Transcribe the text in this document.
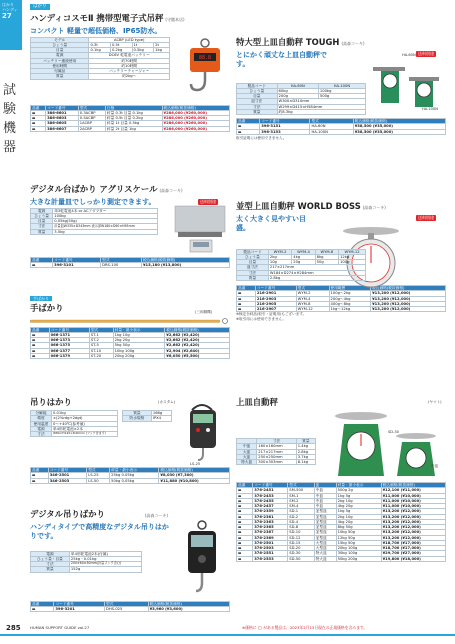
はかり
ハンディ
27
試
験
機
器
はかり
ハンディコスモⅡ 携帯型電子式吊秤 (守隨本店)
コンパクト 軽量で超低価格、IP65防水。
モデル	ACBP (LED type)			
ひょう量	0.3t	0.5t	1t	2t
目量	0.1kg	0.2kg	0.5kg	1kg
電源	DC6V 乾電池バッテリー			
バッテリー連続使用	約70時間			
使用時間	約10時間			
付属品	バッテリーチャージャー			
質量	約2kg～			
88.8
品番	コード番号	型式	仕様	税込価格(税抜価格)
▬	386-6601	0.3ACBP	秤量 0.3t 目量 0.1kg	¥286,000 (¥260,000)
▬	386-6603	0.5ACBP	秤量 0.5t 目量 0.2kg	¥286,000 (¥260,000)
▬	386-6605	1ACBP	秤量 1t 目量 0.5kg	¥286,000 (¥260,000)
▬	386-6607	2ACBP	秤量 2t 目量 1kg	¥286,000 (¥260,000)
特大型上皿自動秤 TOUGH (高森コーキ)
とにかく頑丈な上皿自動秤です。
送料別途
HA-60N
HA-100N
製品コード	HA-60N	HA-100N
ひょう量	60kg	100kg
目量	200g	500g
皿寸法	W300×D310mm	
寸法	W299×D415×H584mm	
質量	約8.3kg	
品番	コード番号	型式	税込価格(税抜価格)
▬	396-3151	HA-60N	¥38,500 (¥35,000)
▬	396-3153	HA-100N	¥38,500 (¥35,000)
取引証明には使用できません。
デジタル台ばかり アグリスケール (高森コーキ)
大きな計量皿でしっかり測定できます。	送料別途
電源	単3乾電池4本 or ACアダプター
ひょう量	100kg
目量	0.05kg(50g)
寸法	計量皿W335×D343mm 表示部W180×D90×H95mm
質量	3.5kg
品番	コード番号	型式	税込価格(税抜価格)
▬	396-3101	DRS-100	¥15,180 (¥13,800)
手ばかり
手ばかり	(三和精機)
品番	コード番号	型式	秤量・最小表示	税込価格(税抜価格)
▬	066-1371	ST-1	1kg 10g	¥2,662 (¥2,420)
▬	066-1373	ST-2	2kg 20g	¥2,662 (¥2,420)
▬	066-1375	ST-5	5kg 50g	¥2,662 (¥2,420)
▬	066-1377	ST-10	10kg 100g	¥2,904 (¥2,640)
▬	066-1379	ST-20	20kg 200g	¥6,050 (¥5,500)
吊りはかり	(カスタム)
分解能	0.01kg
精度	±(2%rdg+2dgt)
使用温度	0～+40℃(参考値)
電源	単4形乾電池×2本
寸法	W80×H140×D40mm (フック含まず)
質量	166g
防水規格	IPX4
LS-25
品番	コード番号	型式	秤量・最小表示	税込価格(税抜価格)
▬	346-2501	LS-25	25kg 0.05kg	¥8,030 (¥7,300)
▬	346-2503	LS-50	50kg 0.05kg	¥11,880 (¥10,800)
デジタル吊りばかり	(高森コーキ)
ハンディタイプで高精度なデジタル吊りはかりです。
電源	単4形乾電池2本(付属)
ひょう量・目量	25kg・0.01kg
寸法	200×60×30mm(計量フック含む)
質量	152g
品番	コード番号	型式	税込価格(税抜価格)
▬	396-3201	DHS-025	¥3,960 (¥3,600)
並型上皿自動秤 WORLD BOSS (高森コーキ)
太く大きく見やすい目盛。
送料別途
製品コード	WYM-2	WYM-4	WYM-8	WYM-12
ひょう量	2kg	4kg	8kg	12kg
目量	10g	20g	50g	100g
皿寸法	217×217mm			
寸法	W184×D274×H284mm			
質量	2.8kg			
品番	コード番号	型式	使用範囲	税込価格(税抜価格)
▬	216-2901	WYM-2	100g～2kg	¥13,200 (¥12,000)
▬	216-2903	WYM-4	200g～4kg	¥13,200 (¥12,000)
▬	216-2905	WYM-8	400g～8kg	¥13,200 (¥12,000)
▬	216-2907	WYM-12	1kg～12kg	¥13,200 (¥12,000)
※検定台秤品(取引・証明用)もございます。
※取引用には使用できません。
上皿自動秤	(ヤマト)
	寸法	質量
中皿	160×160mm	1.4kg
大皿	217×217mm	2.8kg
大皿	250×250mm	3.7kg
特大皿	300×303mm	8.1kg
SD-30
中皿
品番	コード番号	型式	皿	秤量・最小表示	税込価格(税抜価格)
▬	376-2451	SM-500	中皿	500g 2g	¥12,100 (¥11,000)
▬	376-2453	SM-1	中皿	1kg 5g	¥11,000 (¥10,000)
▬	376-2455	SM-2	中皿	2kg 10g	¥11,000 (¥10,000)
▬	376-2457	SM-4	中皿	4kg 20g	¥11,000 (¥10,000)
▬	376-2359	SD-1	並型皿	1kg 5g	¥13,200 (¥12,000)
▬	376-2361	SD-2	並型皿	2kg 10g	¥13,200 (¥12,000)
▬	376-2363	SD-4	並型皿	4kg 20g	¥13,200 (¥12,000)
▬	376-2365	SD-8	並型皿	8kg 50g	¥13,200 (¥12,000)
▬	376-2367	SD-10	並型皿	10kg 50g	¥13,200 (¥12,000)
▬	376-2369	SD-12	並型皿	12kg 50g	¥13,200 (¥12,000)
▬	376-2501	SD-15	大型皿	15kg 50g	¥18,700 (¥17,000)
▬	376-2503	SD-20	大型皿	20kg 100g	¥18,700 (¥17,000)
▬	376-2551	SD-30	特大皿	30kg 100g	¥29,700 (¥27,000)
▬	376-2553	SD-50	特大皿	50kg 200g	¥19,800 (¥18,000)
285 HUMAN SUPPORT GUIDE vol.27	※価格に ◯ がある製品は、2023年2月13日現在の正規価格を含みます。
